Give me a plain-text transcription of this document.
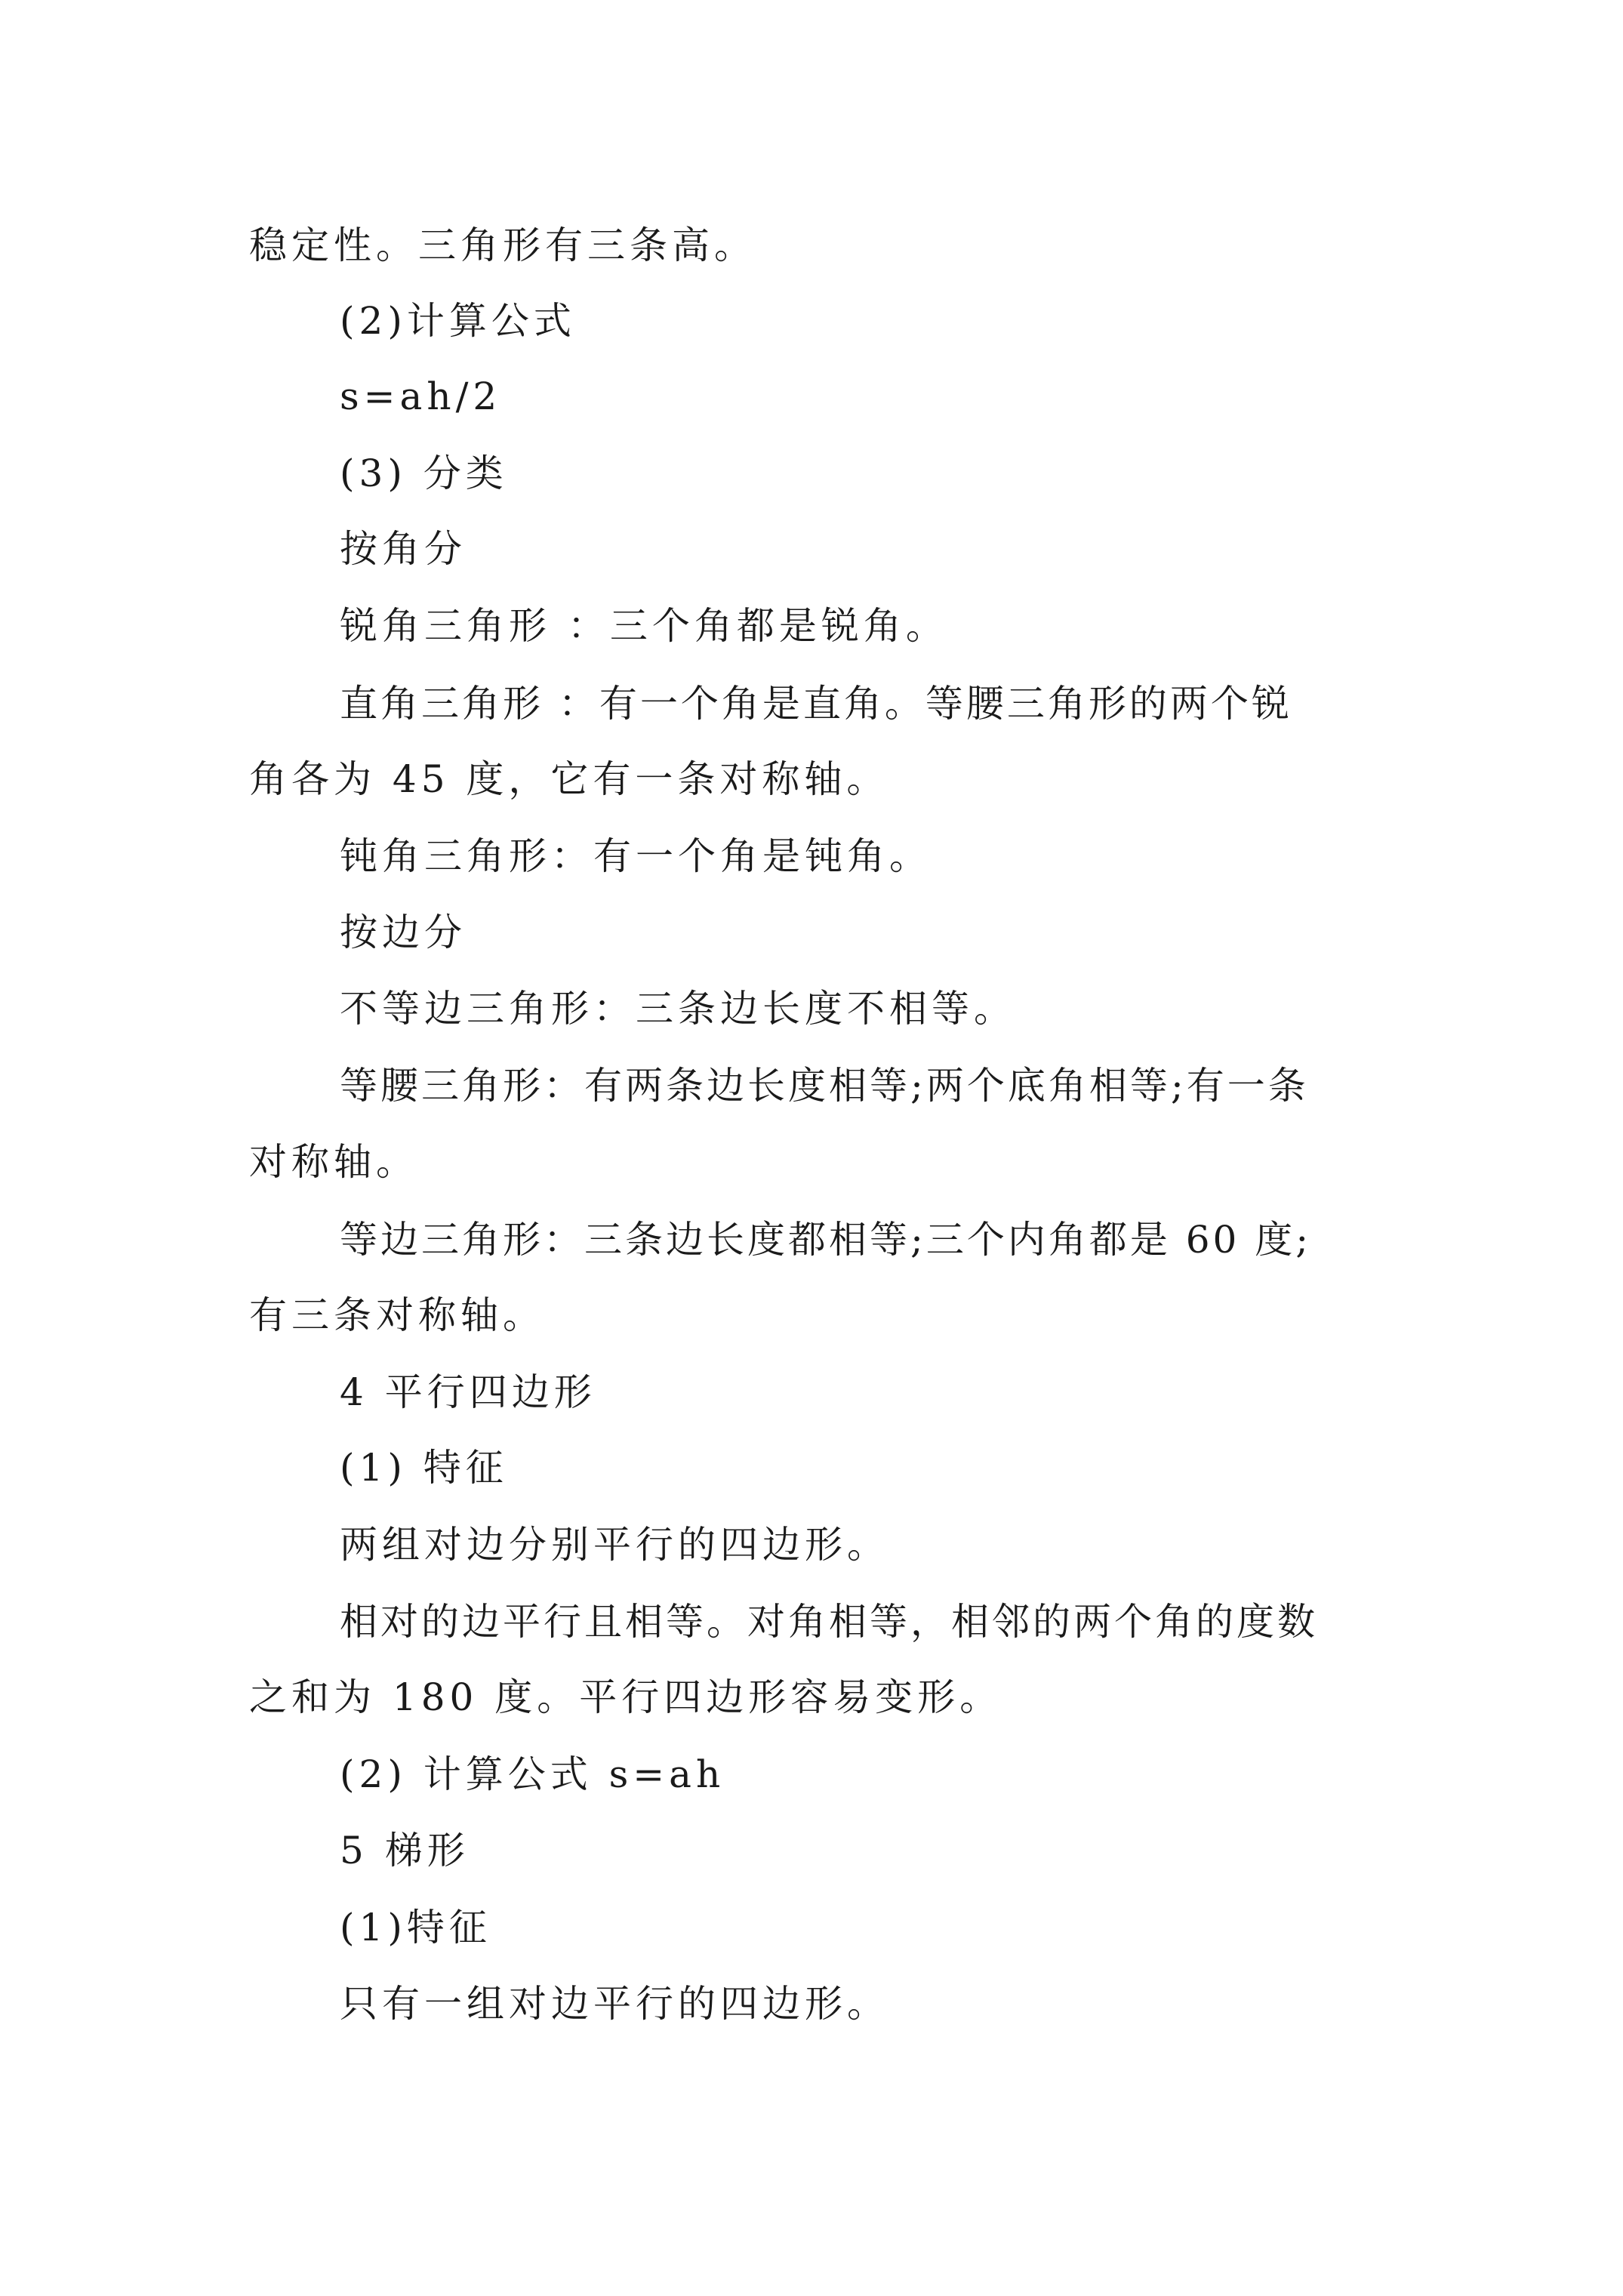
稳定性。三角形有三条高。
(2)计算公式
s=ah/2
(3) 分类
按角分
锐角三角形 ：三个角都是锐角。
直角三角形 ：有一个角是直角。等腰三角形的两个锐
角各为 45 度，它有一条对称轴。
钝角三角形：有一个角是钝角。
按边分
不等边三角形：三条边长度不相等。
等腰三角形：有两条边长度相等;两个底角相等;有一条
对称轴。
等边三角形：三条边长度都相等;三个内角都是 60 度;
有三条对称轴。
4 平行四边形
(1) 特征
两组对边分别平行的四边形。
相对的边平行且相等。对角相等，相邻的两个角的度数
之和为 180 度。平行四边形容易变形。
(2) 计算公式 s=ah
5 梯形
(1)特征
只有一组对边平行的四边形。
